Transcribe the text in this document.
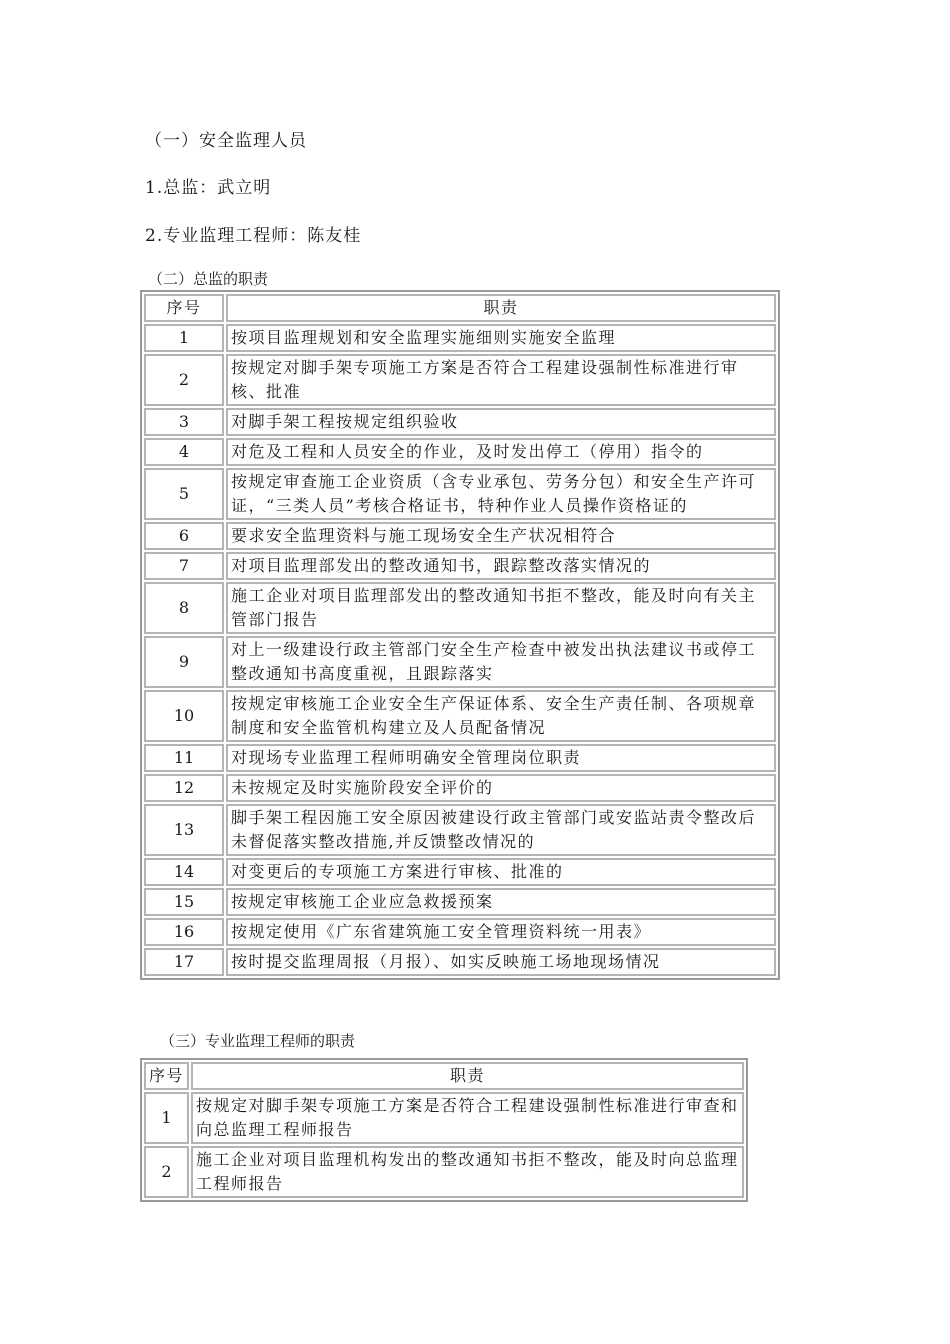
（一）安全监理人员
1.总监：武立明
2.专业监理工程师：陈友桂
（二）总监的职责
序号	职责
1	按项目监理规划和安全监理实施细则实施安全监理
2	按规定对脚手架专项施工方案是否符合工程建设强制性标准进行审核、批准
3	对脚手架工程按规定组织验收
4	对危及工程和人员安全的作业，及时发出停工（停用）指令的
5	按规定审查施工企业资质（含专业承包、劳务分包）和安全生产许可证，“三类人员”考核合格证书，特种作业人员操作资格证的
6	要求安全监理资料与施工现场安全生产状况相符合
7	对项目监理部发出的整改通知书，跟踪整改落实情况的
8	施工企业对项目监理部发出的整改通知书拒不整改，能及时向有关主管部门报告
9	对上一级建设行政主管部门安全生产检查中被发出执法建议书或停工整改通知书高度重视，且跟踪落实
10	按规定审核施工企业安全生产保证体系、安全生产责任制、各项规章制度和安全监管机构建立及人员配备情况
11	对现场专业监理工程师明确安全管理岗位职责
12	未按规定及时实施阶段安全评价的
13	脚手架工程因施工安全原因被建设行政主管部门或安监站责令整改后未督促落实整改措施,并反馈整改情况的
14	对变更后的专项施工方案进行审核、批准的
15	按规定审核施工企业应急救援预案
16	按规定使用《广东省建筑施工安全管理资料统一用表》
17	按时提交监理周报（月报）、如实反映施工场地现场情况
（三）专业监理工程师的职责
序号	职责
1	按规定对脚手架专项施工方案是否符合工程建设强制性标准进行审查和向总监理工程师报告
2	施工企业对项目监理机构发出的整改通知书拒不整改，能及时向总监理工程师报告
